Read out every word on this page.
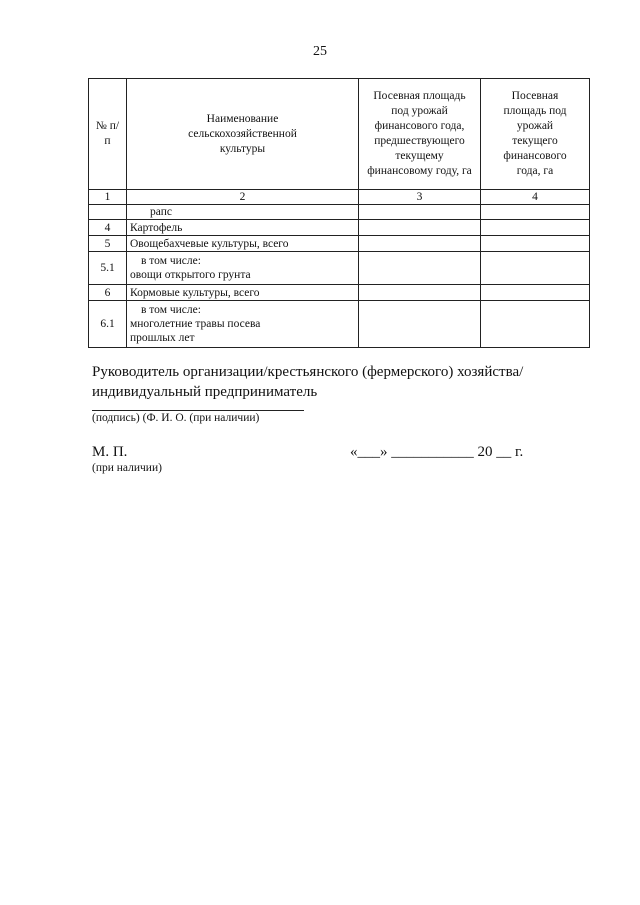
25
№ п/п	Наименование сельскохозяйственной культуры	Посевная площадь под урожай финансового года, предшествующего текущему финансовому году, га	Посевная площадь под урожай текущего финансового года, га

1	2	3	4
	рапс		
4	Картофель		
5	Овощебахчевые культуры, всего		
5.1	в том числе:
овощи открытого грунта		

6	Кормовые культуры, всего		
6.1	в том числе:
многолетние травы посева
прошлых лет		

Руководитель организации/крестьянского (фермерского) хозяйства/
индивидуальный предприниматель
(подпись) (Ф. И. О. (при наличии)
М. П.
(при наличии)
«___» ___________ 20 __ г.
